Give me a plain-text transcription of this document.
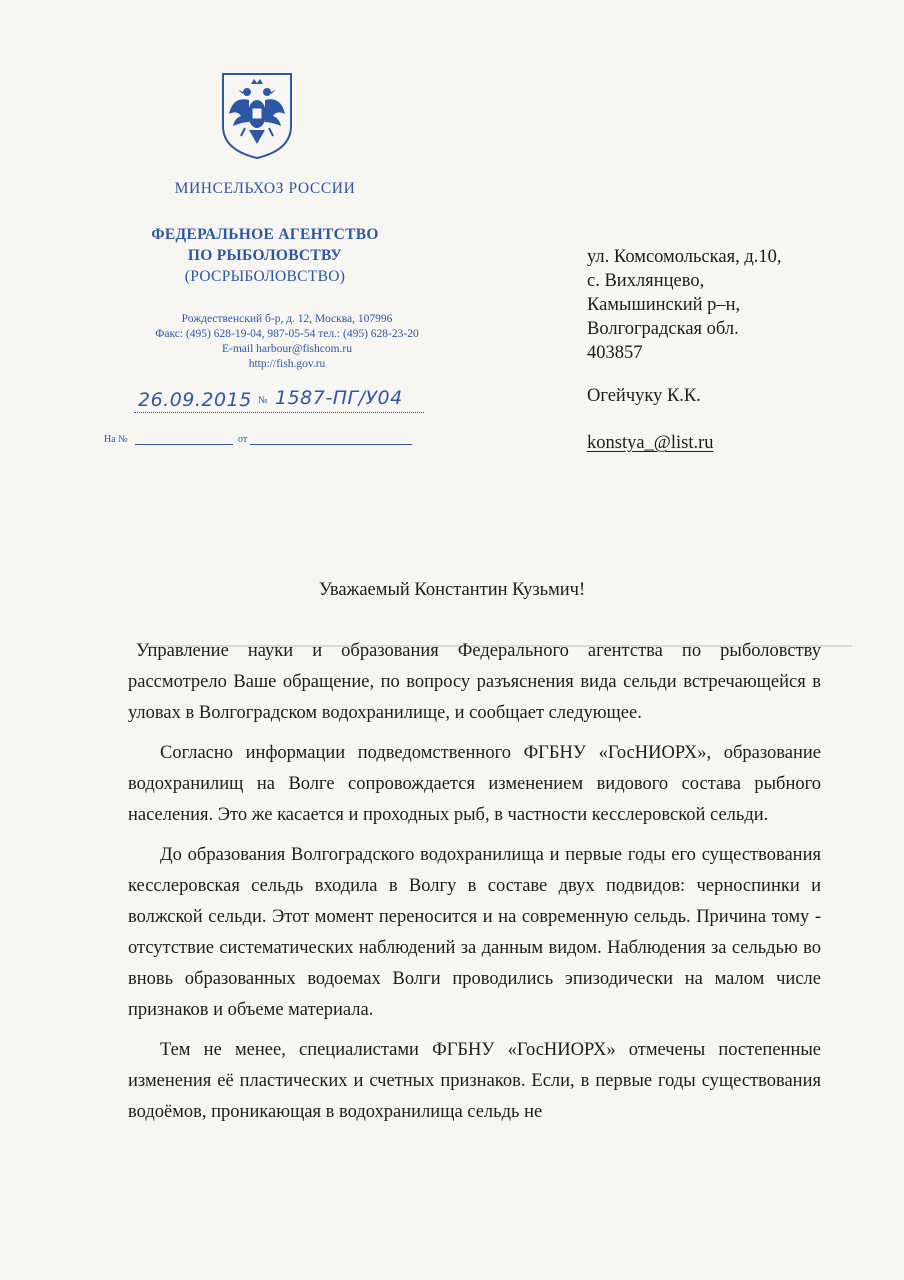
МИНСЕЛЬХОЗ РОССИИ
ФЕДЕРАЛЬНОЕ АГЕНТСТВО
ПО РЫБОЛОВСТВУ
(РОСРЫБОЛОВСТВО)
Рождественский б-р, д. 12, Москва, 107996
Факс: (495) 628-19-04, 987-05-54 тел.: (495) 628-23-20
E-mail harbour@fishcom.ru
http://fish.gov.ru
26.09.2015 № 1587-ПГ/У04
На №	от
ул. Комсомольская, д.10,
с. Вихлянцево,
Камышинский р–н,
Волгоградская обл.
403857
Огейчуку К.К.
konstya_@list.ru
Уважаемый Константин Кузьмич!

Управление науки и образования Федерального агентства по рыболовству рассмотрело Ваше обращение, по вопросу разъяснения вида сельди встречающейся в уловах в Волгоградском водохранилище, и сообщает следующее.

Согласно информации подведомственного ФГБНУ «ГосНИОРХ», образование водохранилищ на Волге сопровождается изменением видового состава рыбного населения. Это же касается и проходных рыб, в частности кесслеровской сельди.

До образования Волгоградского водохранилища и первые годы его существования кесслеровская сельдь входила в Волгу в составе двух подвидов: черноспинки и волжской сельди. Этот момент переносится и на современную сельдь. Причина тому - отсутствие систематических наблюдений за данным видом. Наблюдения за сельдью во вновь образованных водоемах Волги проводились эпизодически на малом числе признаков и объеме материала.

Тем не менее, специалистами ФГБНУ «ГосНИОРХ» отмечены постепенные изменения её пластических и счетных признаков. Если, в первые годы существования водоёмов, проникающая в водохранилища сельдь не
